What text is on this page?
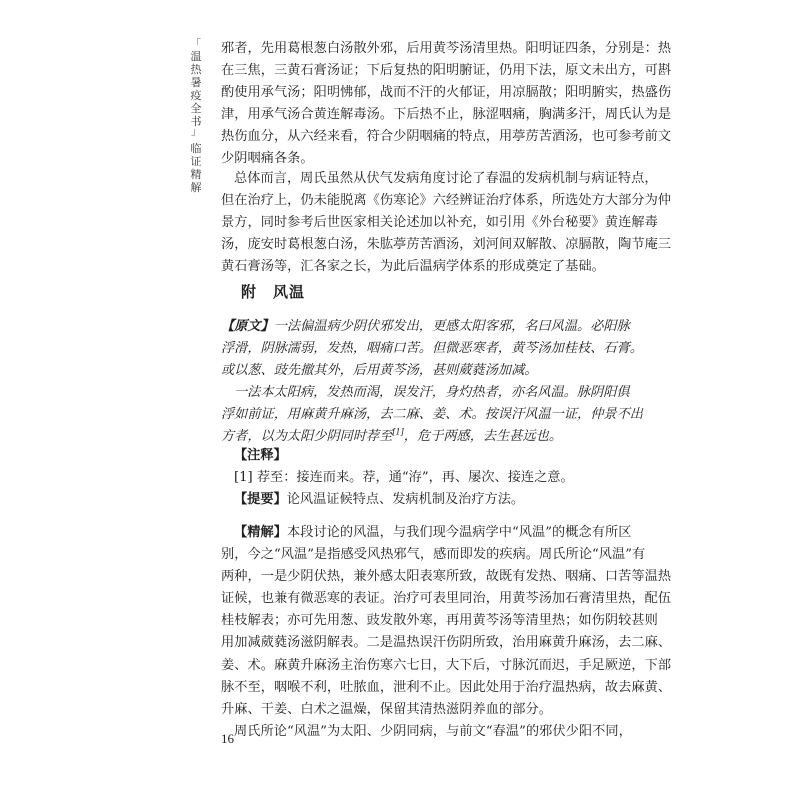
「
温热暑疫全书
」
临证精解
邪者，先用葛根葱白汤散外邪，后用黄芩汤清里热。阳明证四条，分别是：热
在三焦，三黄石膏汤证；下后复热的阳明腑证，仍用下法，原文未出方，可斟
酌使用承气汤；阳明怫郁，战而不汗的火郁证，用凉膈散；阳明腑实，热盛伤
津，用承气汤合黄连解毒汤。下后热不止，脉涩咽痛，胸满多汗，周氏认为是
热伤血分，从六经来看，符合少阴咽痛的特点，用葶苈苦酒汤，也可参考前文
少阴咽痛各条。
总体而言，周氏虽然从伏气发病角度讨论了春温的发病机制与病证特点，
但在治疗上，仍未能脱离《伤寒论》六经辨证治疗体系，所选处方大部分为仲
景方，同时参考后世医家相关论述加以补充，如引用《外台秘要》黄连解毒
汤，庞安时葛根葱白汤，朱肱葶苈苦酒汤，刘河间双解散、凉膈散，陶节庵三
黄石膏汤等，汇各家之长，为此后温病学体系的形成奠定了基础。
附 风温
【原文】一法偏温病少阴伏邪发出，更感太阳客邪，名曰风温。必阳脉
浮滑，阴脉濡弱，发热，咽痛口苦。但微恶寒者，黄芩汤加桂枝、石膏。
或以葱、豉先撤其外，后用黄芩汤，甚则葳蕤汤加减。
一法本太阳病，发热而渴，误发汗，身灼热者，亦名风温。脉阴阳俱
浮如前证，用麻黄升麻汤，去二麻、姜、术。按误汗风温一证，仲景不出
方者，以为太阳少阴同时荐至[1]，危于两感，去生甚远也。
【注释】
[1] 荐至：接连而来。荐，通“洊”，再、屡次、接连之意。
【提要】论风温证候特点、发病机制及治疗方法。
【精解】本段讨论的风温，与我们现今温病学中“风温”的概念有所区
别，今之“风温”是指感受风热邪气，感而即发的疾病。周氏所论“风温”有
两种，一是少阴伏热，兼外感太阳表寒所致，故既有发热、咽痛、口苦等温热
证候，也兼有微恶寒的表证。治疗可表里同治，用黄芩汤加石膏清里热，配伍
桂枝解表；亦可先用葱、豉发散外寒，再用黄芩汤等清里热；如伤阴较甚则
用加减葳蕤汤滋阴解表。二是温热误汗伤阴所致，治用麻黄升麻汤，去二麻、
姜、术。麻黄升麻汤主治伤寒六七日，大下后，寸脉沉而迟，手足厥逆，下部
脉不至，咽喉不利，吐脓血，泄利不止。因此处用于治疗温热病，故去麻黄、
升麻、干姜、白术之温燥，保留其清热滋阴养血的部分。
周氏所论“风温”为太阳、少阴同病，与前文“春温”的邪伏少阳不同，
16
